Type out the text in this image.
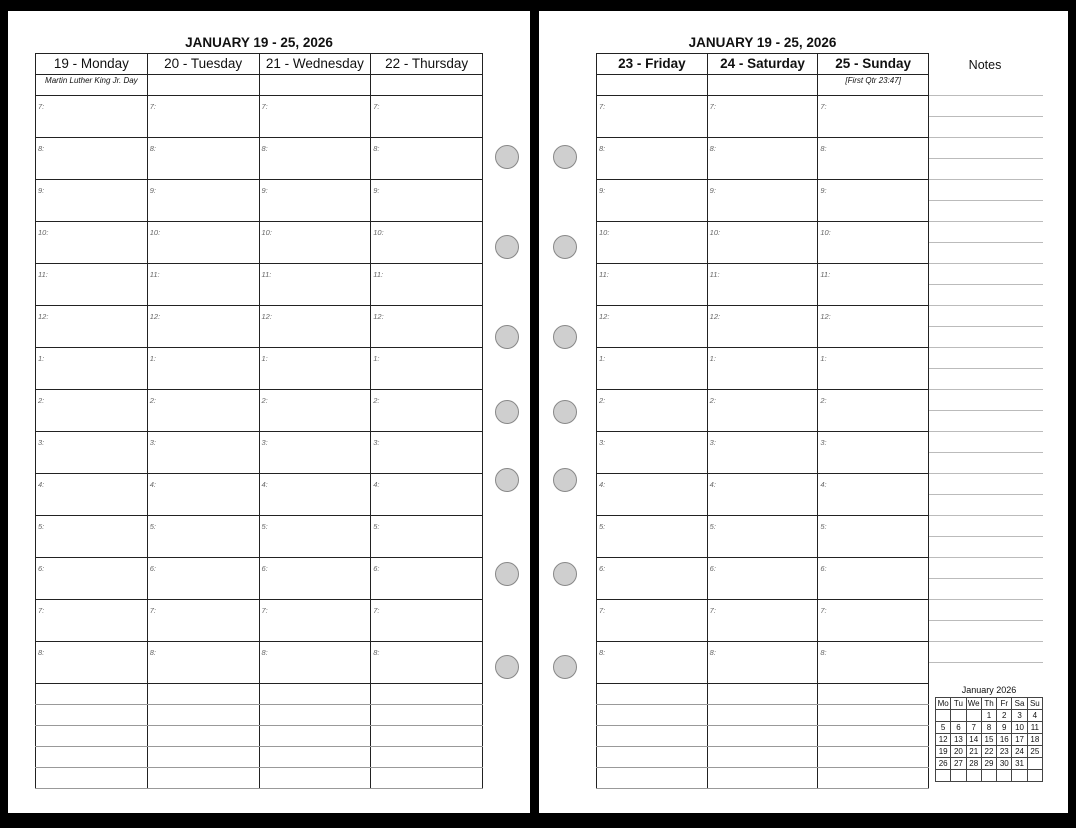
JANUARY 19 - 25, 2026
19 - Monday	20 - Tuesday	21 - Wednesday	22 - Thursday
Martin Luther King Jr. Day			

7:	7:	7:	7:

8:	8:	8:	8:

9:	9:	9:	9:

10:	10:	10:	10:

11:	11:	11:	11:

12:	12:	12:	12:

1:	1:	1:	1:

2:	2:	2:	2:

3:	3:	3:	3:

4:	4:	4:	4:

5:	5:	5:	5:

6:	6:	6:	6:

7:	7:	7:	7:

8:	8:	8:	8:

JANUARY 19 - 25, 2026
23 - Friday	24 - Saturday	25 - Sunday
		[First Qtr 23:47]

7:	7:	7:

8:	8:	8:

9:	9:	9:

10:	10:	10:

11:	11:	11:

12:	12:	12:

1:	1:	1:

2:	2:	2:

3:	3:	3:

4:	4:	4:

5:	5:	5:

6:	6:	6:

7:	7:	7:

8:	8:	8:

Notes
January 2026
Mo	Tu	We	Th	Fr	Sa	Su
			1	2	3	4
5	6	7	8	9	10	11
12	13	14	15	16	17	18
19	20	21	22	23	24	25
26	27	28	29	30	31	
